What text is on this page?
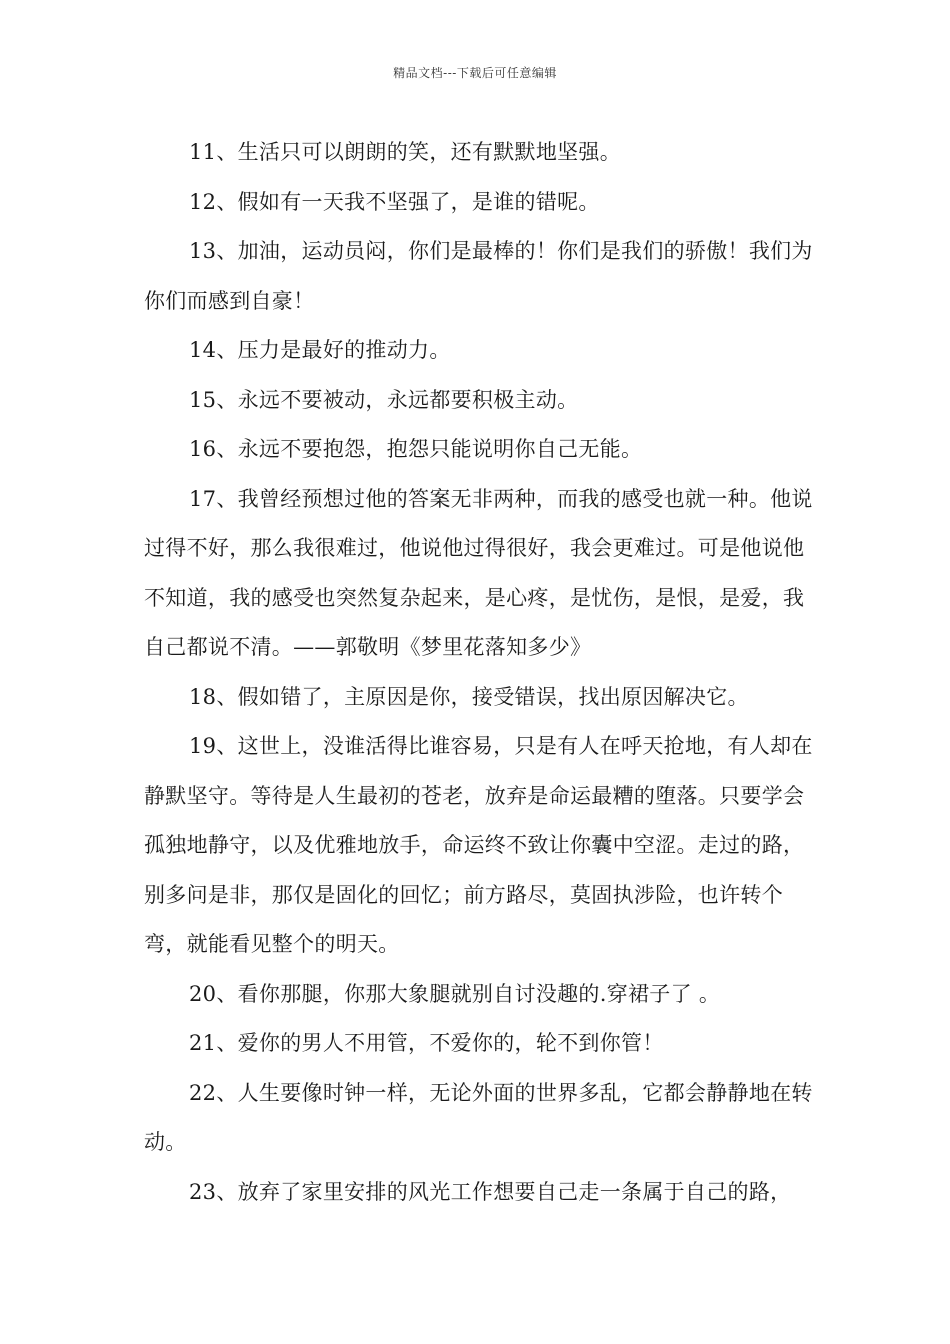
精品文档---下载后可任意编辑

11、生活只可以朗朗的笑，还有默默地坚强。

12、假如有一天我不坚强了，是谁的错呢。

13、加油，运动员闷，你们是最棒的！你们是我们的骄傲！我们为你们而感到自豪！

14、压力是最好的推动力。

15、永远不要被动，永远都要积极主动。

16、永远不要抱怨，抱怨只能说明你自己无能。

17、我曾经预想过他的答案无非两种，而我的感受也就一种。他说过得不好，那么我很难过，他说他过得很好，我会更难过。可是他说他不知道，我的感受也突然复杂起来，是心疼，是忧伤，是恨，是爱，我自己都说不清。——郭敬明《梦里花落知多少》

18、假如错了，主原因是你，接受错误，找出原因解决它。

19、这世上，没谁活得比谁容易，只是有人在呼天抢地，有人却在静默坚守。等待是人生最初的苍老，放弃是命运最糟的堕落。只要学会孤独地静守，以及优雅地放手，命运终不致让你囊中空涩。走过的路，别多问是非，那仅是固化的回忆；前方路尽，莫固执涉险，也许转个弯，就能看见整个的明天。

20、看你那腿，你那大象腿就别自讨没趣的.穿裙子了 。

21、爱你的男人不用管，不爱你的，轮不到你管！

22、人生要像时钟一样，无论外面的世界多乱，它都会静静地在转动。

23、放弃了家里安排的风光工作想要自己走一条属于自己的路，
